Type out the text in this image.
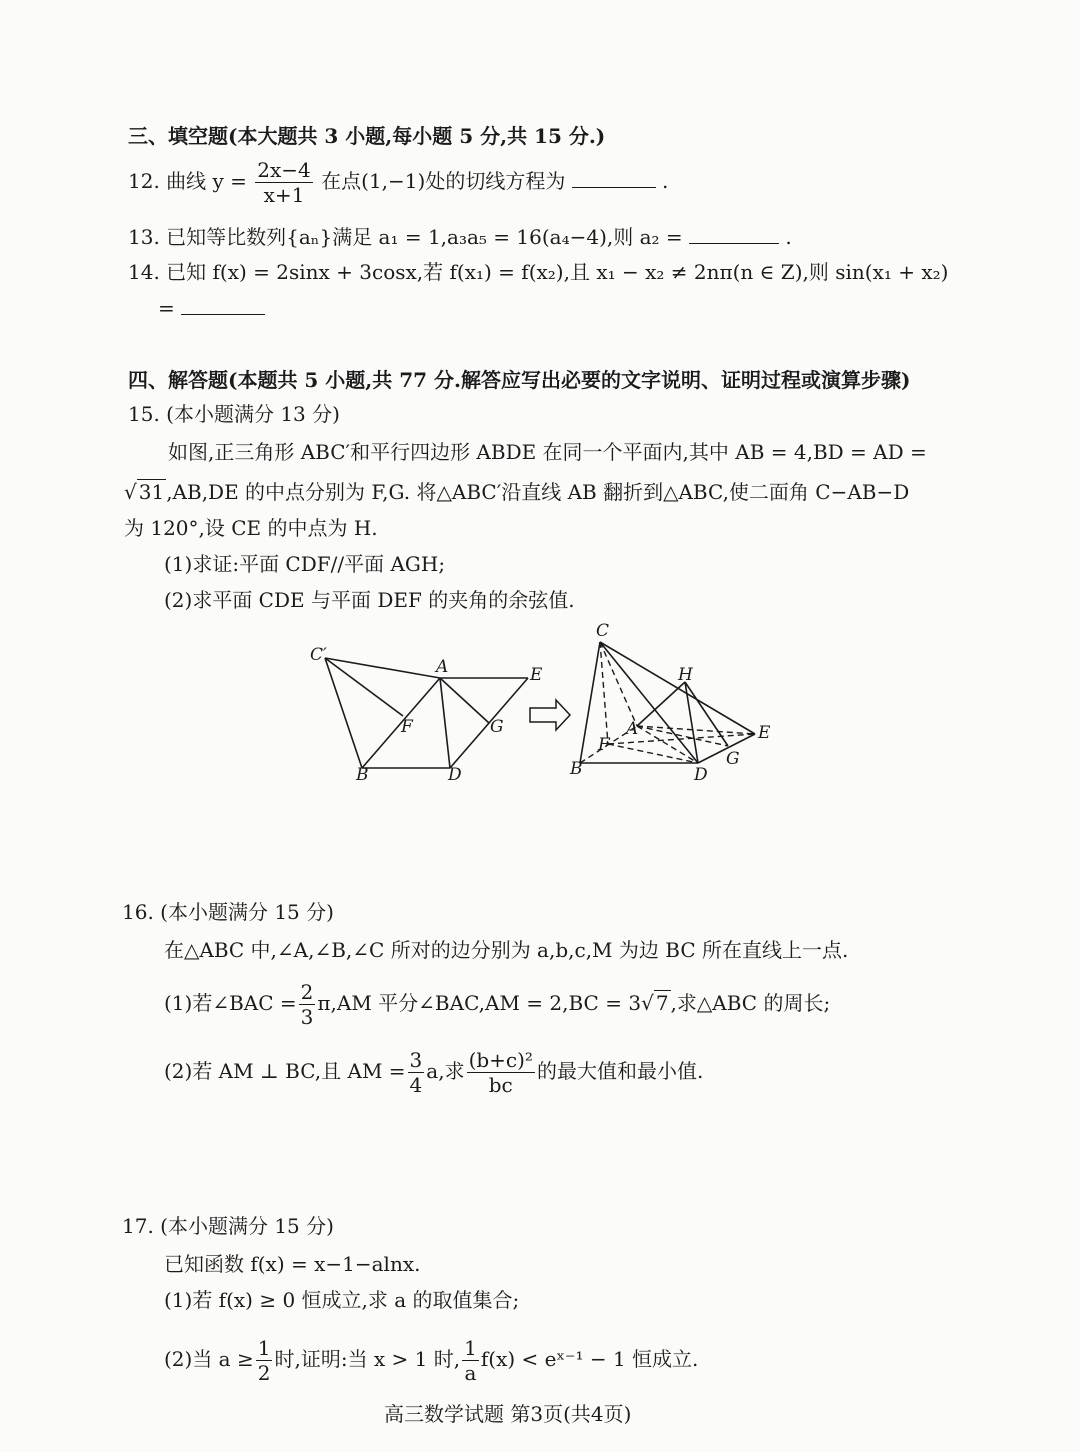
三、填空题(本大题共 3 小题,每小题 5 分,共 15 分.)
12. 曲线 $y = \frac{2x-4}{x+1}$ 在点(1,−1)处的切线方程为	.
13. 已知等比数列{aₙ}满足 a₁ = 1,a₃a₅ = 16(a₄−4),则 a₂ =	.
14. 已知 f(x) = 2sinx + 3cosx,若 f(x₁) = f(x₂),且 x₁ − x₂ ≠ 2nπ(n ∈ Z),则 sin(x₁ + x₂)
=
四、解答题(本题共 5 小题,共 77 分.解答应写出必要的文字说明、证明过程或演算步骤)
15. (本小题满分 13 分)
如图,正三角形 ABC′和平行四边形 ABDE 在同一个平面内,其中 AB = 4,BD = AD =
√ 31 ,AB,DE 的中点分别为 F,G. 将△ABC′沿直线 AB 翻折到△ABC,使二面角 C−AB−D
为 120°,设 CE 的中点为 H.
(1)求证:平面 CDF//平面 AGH;
(2)求平面 CDE 与平面 DEF 的夹角的余弦值.
C′
A	E
F	G
B	D
C
H
A	E
F
G
B	D
16. (本小题满分 15 分)
在△ABC 中,∠A,∠B,∠C 所对的边分别为 a,b,c,M 为边 BC 所在直线上一点.
(1)若∠BAC = $\frac{2}{3} \pi,AM$ 平分∠BAC,AM = 2,BC = 3√ 7 ,求△ABC 的周长;
(2)若 AM ⊥ BC,且 AM = $\frac{3}{4} a$,求 $\frac{\text{(b+c)²}}{bc}$ 的最大值和最小值.
17. (本小题满分 15 分)
已知函数 f(x) = x−1−alnx.
(1)若 f(x) ≥ 0 恒成立,求 a 的取值集合;
(2)当 $a \ge \frac{1}{2}$ 时,证明:当 x > 1 时, $\frac{1}{a} f(x)$ < eˣ⁻¹ − 1 恒成立.
高三数学试题 第3页(共4页)
